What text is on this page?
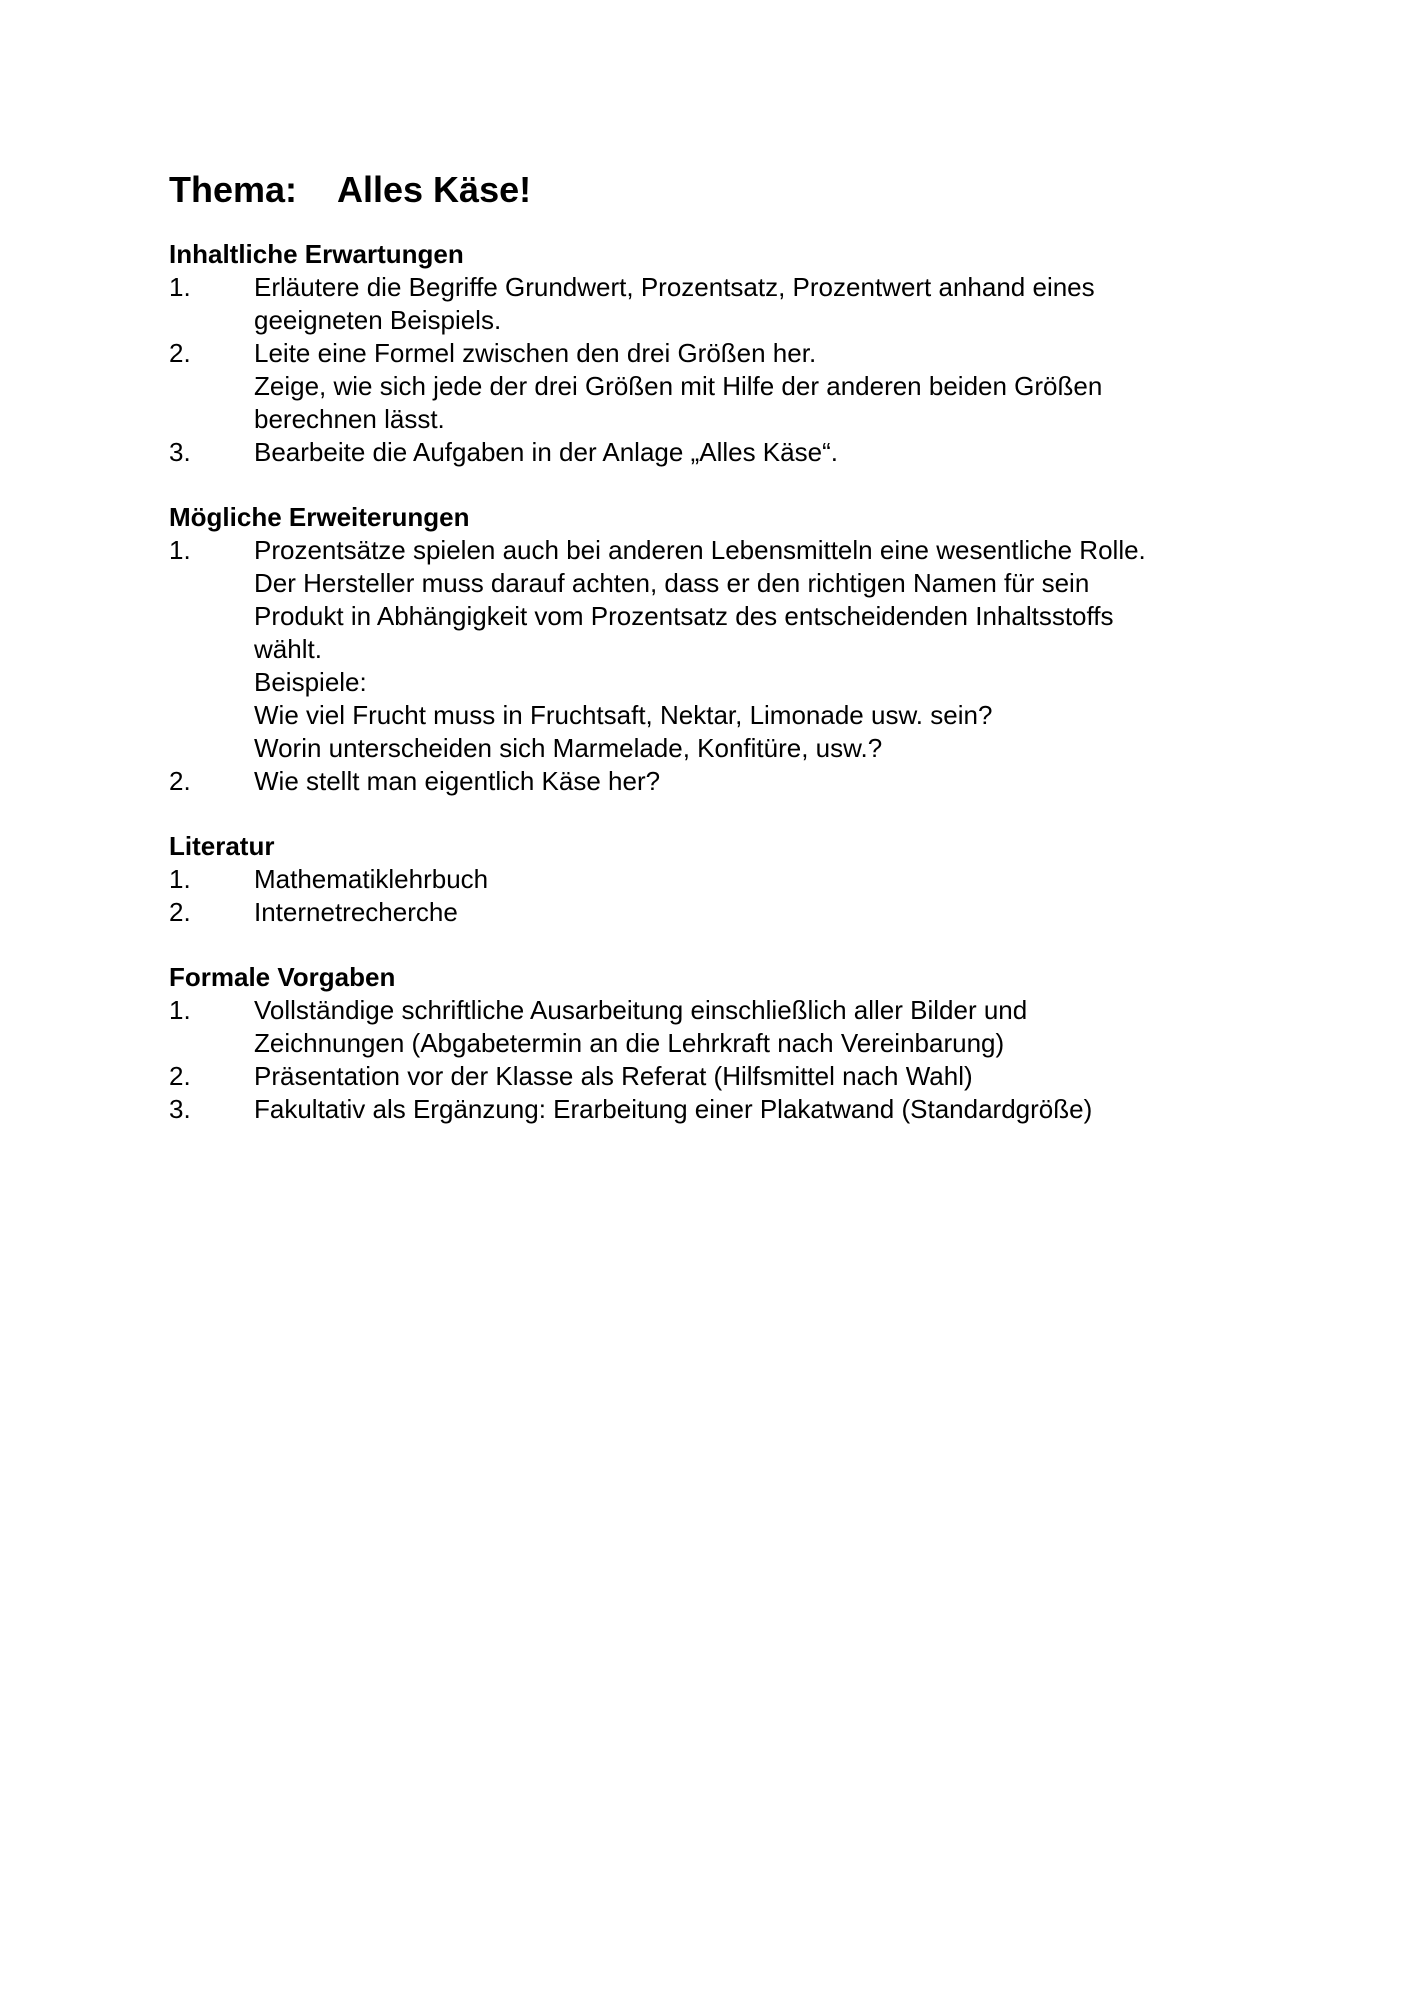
Thema: Alles Käse!
Inhaltliche Erwartungen
1.	Erläutere die Begriffe Grundwert, Prozentsatz, Prozentwert anhand eines
geeigneten Beispiels.
2.	Leite eine Formel zwischen den drei Größen her.
Zeige, wie sich jede der drei Größen mit Hilfe der anderen beiden Größen
berechnen lässt.
3.	Bearbeite die Aufgaben in der Anlage „Alles Käse“.
Mögliche Erweiterungen
1.	Prozentsätze spielen auch bei anderen Lebensmitteln eine wesentliche Rolle.
Der Hersteller muss darauf achten, dass er den richtigen Namen für sein
Produkt in Abhängigkeit vom Prozentsatz des entscheidenden Inhaltsstoffs
wählt.
Beispiele:
Wie viel Frucht muss in Fruchtsaft, Nektar, Limonade usw. sein?
Worin unterscheiden sich Marmelade, Konfitüre, usw.?
2.	Wie stellt man eigentlich Käse her?
Literatur
1.	Mathematiklehrbuch
2.	Internetrecherche
Formale Vorgaben
1.	Vollständige schriftliche Ausarbeitung einschließlich aller Bilder und
Zeichnungen (Abgabetermin an die Lehrkraft nach Vereinbarung)
2.	Präsentation vor der Klasse als Referat (Hilfsmittel nach Wahl)
3.	Fakultativ als Ergänzung: Erarbeitung einer Plakatwand (Standardgröße)
